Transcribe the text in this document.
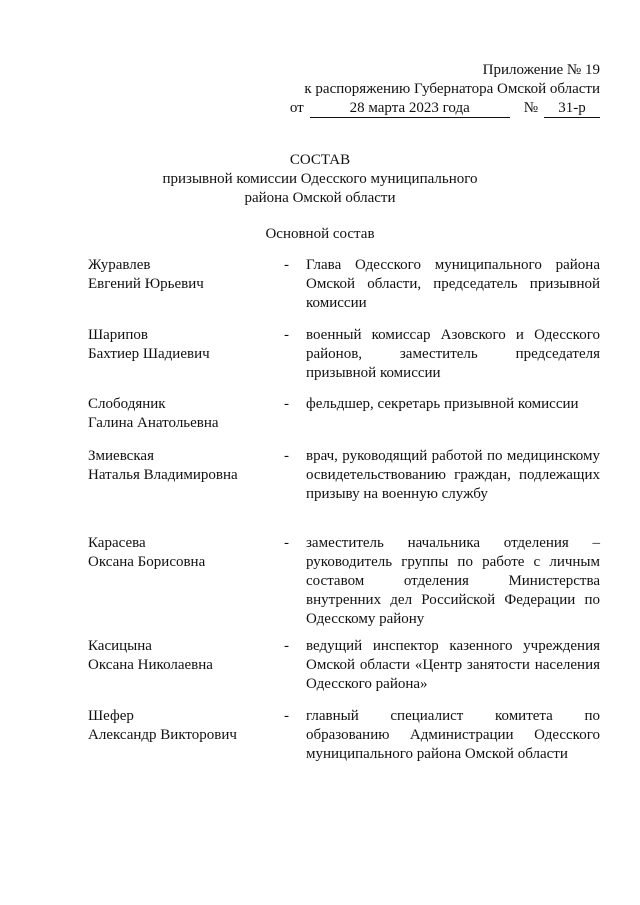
Приложение № 19
к распоряжению Губернатора Омской области
от	28 марта 2023 года	№	31-р
СОСТАВ
призывной комиссии Одесского муниципального
района Омской области
Основной состав
Журавлев
Евгений Юрьевич
-	Глава Одесского муниципального района Омской области, председатель призывной комиссии
Шарипов
Бахтиер Шадиевич
-	военный комиссар Азовского и Одесского районов, заместитель председателя призывной комиссии
Слободяник
Галина Анатольевна
-	фельдшер, секретарь призывной комиссии
Змиевская
Наталья Владимировна
-	врач, руководящий работой по медицинскому освидетельствованию граждан, подлежащих призыву на военную службу
Карасева
Оксана Борисовна
-	заместитель начальника отделения – руководитель группы по работе с личным составом отделения Министерства внутренних дел Российской Федерации по Одесскому району
Касицына
Оксана Николаевна
-	ведущий инспектор казенного учреждения Омской области «Центр занятости населения Одесского района»
Шефер
Александр Викторович
-	главный специалист комитета по образованию Администрации Одесского муниципального района Омской области
